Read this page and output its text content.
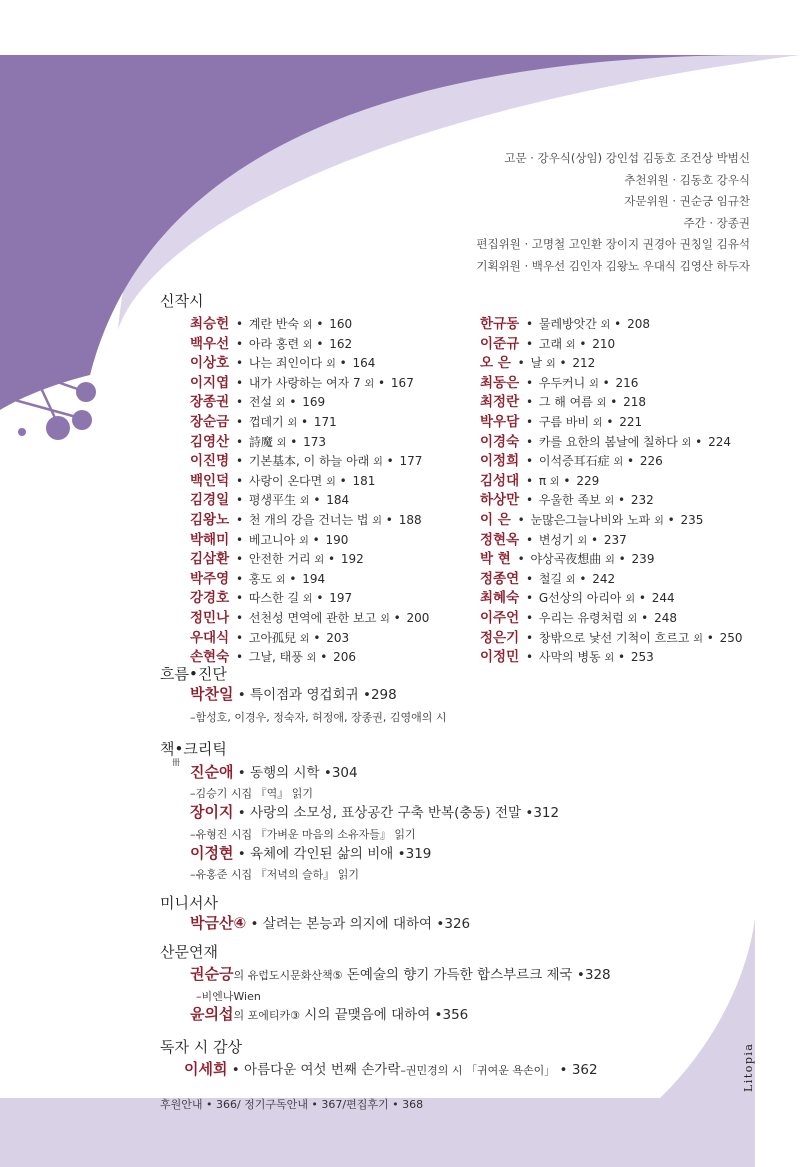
고문 · 강우식(상임) 강인섭 김동호 조건상 박범신
추천위원 · 김동호 강우식
자문위원 · 권순긍 임규찬
주간 · 장종권
편집위원 · 고명철 고인환 장이지 권경아 권칭일 김유석
기획위원 · 백우선 김인자 김왕노 우대식 김영산 하두자
신작시
최승헌 • 계란 반숙 외 • 160
백우선 • 아라 홍련 외 • 162
이상호 • 나는 죄인이다 외 • 164
이지엽 • 내가 사랑하는 여자 7 외 • 167
장종권 • 전설 외 • 169
장순금 • 껍데기 외 • 171
김영산 • 詩魔 외 • 173
이진명 • 기본基本, 이 하늘 아래 외 • 177
백인덕 • 사랑이 온다면 외 • 181
김경일 • 평생平生 외 • 184
김왕노 • 천 개의 강을 건너는 법 외 • 188
박해미 • 베고니아 외 • 190
김삼환 • 안전한 거리 외 • 192
박주영 • 홍도 외 • 194
강경호 • 따스한 길 외 • 197
정민나 • 선천성 면역에 관한 보고 외 • 200
우대식 • 고아孤兒 외 • 203
손현숙 • 그날, 태풍 외 • 206
한규동 • 물레방앗간 외 • 208
이준규 • 고래 외 • 210
오 은 • 날 외 • 212
최동은 • 우두커니 외 • 216
최정란 • 그 해 여름 외 • 218
박우담 • 구름 바비 외 • 221
이경숙 • 카를 요한의 봄날에 칠하다 외 • 224
이정희 • 이석증耳石症 외 • 226
김성대 • π 외 • 229
하상만 • 우울한 족보 외 • 232
이 은 • 눈많은그늘나비와 노파 외 • 235
정현옥 • 변성기 외 • 237
박 현 • 야상곡夜想曲 외 • 239
정종연 • 철길 외 • 242
최혜숙 • G선상의 아리아 외 • 244
이주언 • 우리는 유령처럼 외 • 248
정은기 • 창밖으로 낯선 기척이 흐르고 외 • 250
이정민 • 사막의 병동 외 • 253
흐름•진단
박찬일 • 특이점과 영겁회귀 •298
–함성호, 이경우, 정숙자, 허정애, 장종권, 김영애의 시
책•크리틱
冊
진순애 • 동행의 시학 •304
–김승기 시집 『역』 읽기
장이지 • 사랑의 소모성, 표상공간 구축 반복(충동) 전말 •312
–유형진 시집 『가벼운 마음의 소유자들』 읽기
이정현 • 육체에 각인된 삶의 비애 •319
–유홍준 시집 『저녁의 슬하』 읽기
미니서사
박금산④ • 살려는 본능과 의지에 대하여 •326
산문연재
권순긍의 유럽도시문화산책⑤ 돈예술의 향기 가득한 합스부르크 제국 •328
–비엔나Wien
윤의섭의 포에티카③ 시의 끝맺음에 대하여 •356
독자 시 감상
이세희 • 아름다운 여섯 번째 손가락–권민경의 시 「귀여운 욕손이」 • 362
후원안내 • 366/ 정기구독안내 • 367/편집후기 • 368
Litopia
